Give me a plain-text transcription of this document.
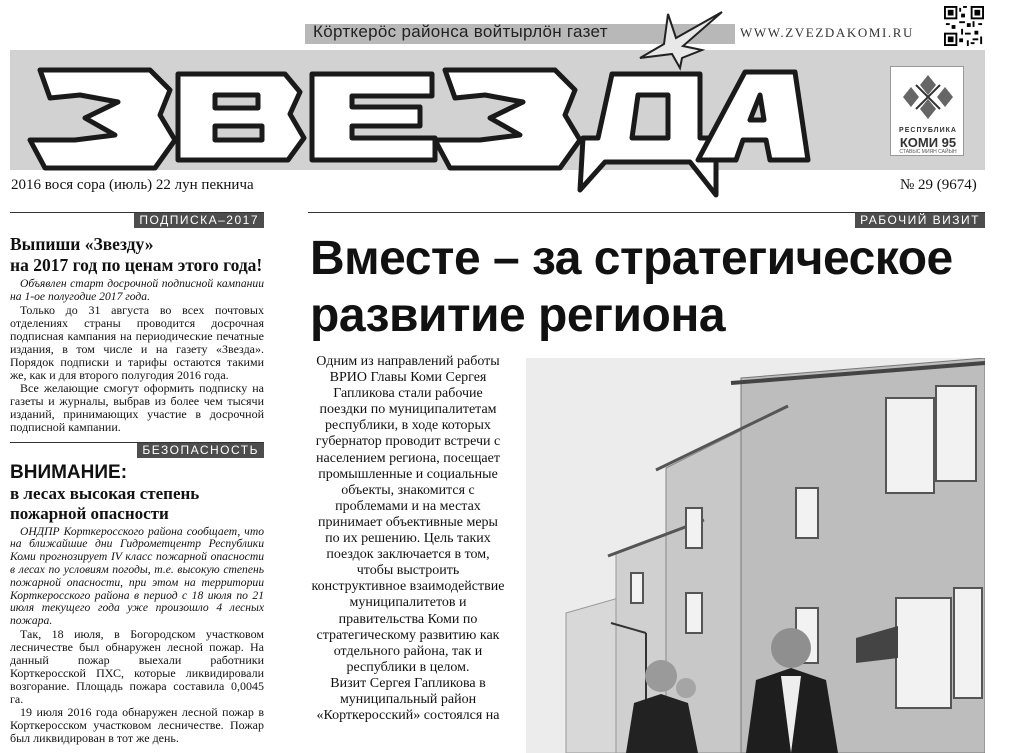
Кӧрткерӧс районса войтырлӧн газет	WWW.ZVEZDAKOMI.RU
РЕСПУБЛИКА
КОМИ 95
СТАВЫС МИЯН САЙЫН
2016 вося сора (июль) 22 лун пекнича	№ 29 (9674)
ПОДПИСКА–2017
Выпиши «Звезду»
на 2017 год по ценам этого года!

Объявлен старт досрочной подписной кампании на 1-ое полугодие 2017 года.

Только до 31 августа во всех почтовых отделениях страны проводится досрочная подписная кампания на периодические печатные издания, в том числе и на газету «Звезда». Порядок подписки и тарифы остаются такими же, как и для второго полугодия 2016 года.

Все желающие смогут оформить подписку на газеты и журналы, выбрав из более чем тысячи изданий, принимающих участие в досрочной подписной кампании.

БЕЗОПАСНОСТЬ
ВНИМАНИЕ:
в лесах высокая степень
пожарной опасности

ОНДПР Корткеросского района сообщает, что на ближайшие дни Гидрометцентр Республики Коми прогнозирует IV класс пожарной опасности в лесах по условиям погоды, т.е. высокую степень пожарной опасности, при этом на территории Корткеросского района в период с 18 июля по 21 июля текущего года уже произошло 4 лесных пожара.

Так, 18 июля, в Богородском участковом лесничестве был обнаружен лесной пожар. На данный пожар выехали работники Корткеросской ПХС, которые ликвидировали возгорание. Площадь пожара составила 0,0045 га.

19 июля 2016 года обнаружен лесной пожар в Корткеросском участковом лесничестве. Пожар был ликвидирован в тот же день.

РАБОЧИЙ ВИЗИТ
Вместе – за стратегическое
развитие региона

Одним из направлений работы ВРИО Главы Коми Сергея Гапликова стали рабочие поездки по муниципалитетам республики, в ходе которых губернатор проводит встречи с населением региона, посещает промышленные и социальные объекты, знакомится с проблемами и на местах принимает объективные меры по их решению. Цель таких поездок заключается в том, чтобы выстроить конструктивное взаимодействие муниципалитетов и правительства Коми по стратегическому развитию как отдельного района, так и республики в целом.

Визит Сергея Гапликова в муниципальный район «Корткеросский» состоялся на
